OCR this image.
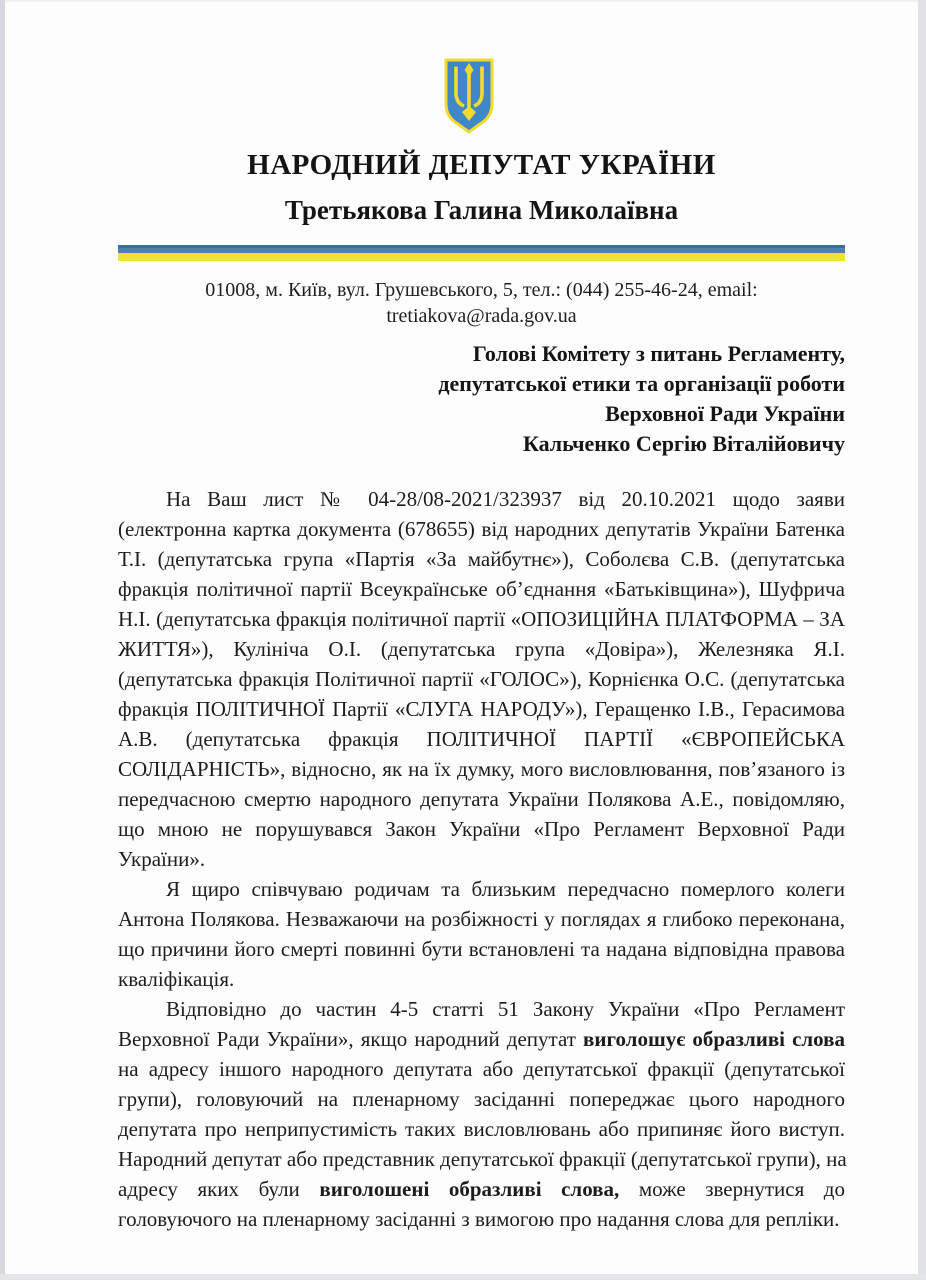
НАРОДНИЙ ДЕПУТАТ УКРАЇНИ
Третьякова Галина Миколаївна
01008, м. Київ, вул. Грушевського, 5, тел.: (044) 255-46-24, email: tretiakova@rada.gov.ua
Голові Комітету з питань Регламенту,
депутатської етики та організації роботи
Верховної Ради України
Кальченко Сергію Віталійовичу
На Ваш лист № 04-28/08-2021/323937 від 20.10.2021 щодо заяви
(електронна картка документа (678655) від народних депутатів України Батенка
Т.І. (депутатська група «Партія «За майбутнє»), Соболєва С.В. (депутатська
фракція політичної партії Всеукраїнське об’єднання «Батьківщина»), Шуфрича
Н.І. (депутатська фракція політичної партії «ОПОЗИЦІЙНА ПЛАТФОРМА – ЗА
ЖИТТЯ»), Кулініча О.І. (депутатська група «Довіра»), Железняка Я.І.
(депутатська фракція Політичної партії «ГОЛОС»), Корнієнка О.С. (депутатська
фракція ПОЛІТИЧНОЇ Партії «СЛУГА НАРОДУ»), Геращенко І.В., Герасимова
А.В. (депутатська фракція ПОЛІТИЧНОЇ ПАРТІЇ «ЄВРОПЕЙСЬКА
СОЛІДАРНІСТЬ», відносно, як на їх думку, мого висловлювання, пов’язаного із
передчасною смертю народного депутата України Полякова А.Е., повідомляю,
що мною не порушувався Закон України «Про Регламент Верховної Ради
України».
Я щиро співчуваю родичам та близьким передчасно померлого колеги
Антона Полякова. Незважаючи на розбіжності у поглядах я глибоко переконана,
що причини його смерті повинні бути встановлені та надана відповідна правова
кваліфікація.
Відповідно до частин 4-5 статті 51 Закону України «Про Регламент
Верховної Ради України», якщо народний депутат виголошує образливі слова
на адресу іншого народного депутата або депутатської фракції (депутатської
групи), головуючий на пленарному засіданні попереджає цього народного
депутата про неприпустимість таких висловлювань або припиняє його виступ.
Народний депутат або представник депутатської фракції (депутатської групи), на
адресу яких були виголошені образливі слова, може звернутися до
головуючого на пленарному засіданні з вимогою про надання слова для репліки.
